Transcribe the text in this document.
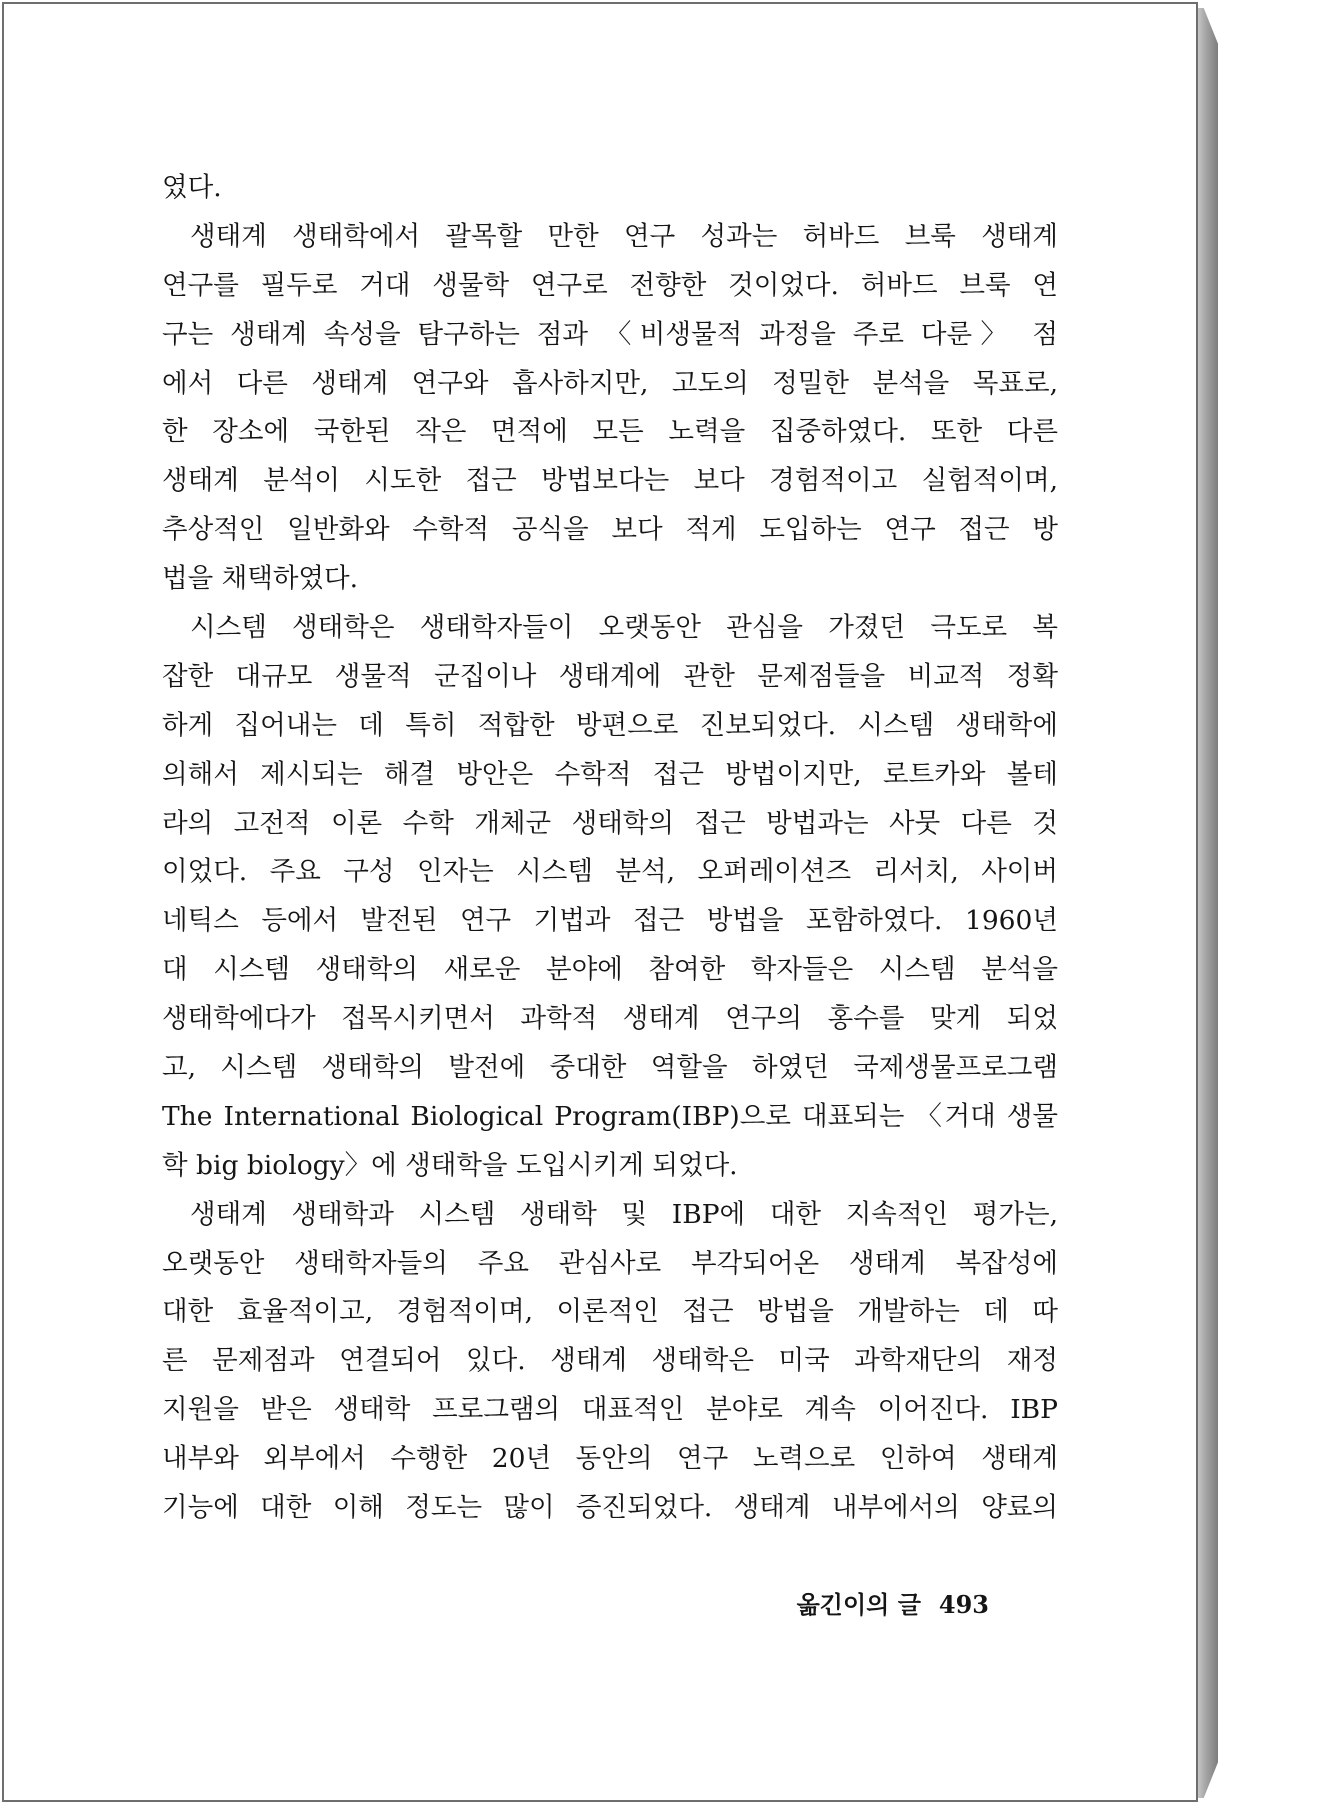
였다.
생태계 생태학에서 괄목할 만한 연구 성과는 허바드 브룩 생태계
연구를 필두로 거대 생물학 연구로 전향한 것이었다. 허바드 브룩 연
구는 생태계 속성을 탐구하는 점과 〈비생물적 과정을 주로 다룬〉 점
에서 다른 생태계 연구와 흡사하지만, 고도의 정밀한 분석을 목표로,
한 장소에 국한된 작은 면적에 모든 노력을 집중하였다. 또한 다른
생태계 분석이 시도한 접근 방법보다는 보다 경험적이고 실험적이며,
추상적인 일반화와 수학적 공식을 보다 적게 도입하는 연구 접근 방
법을 채택하였다.
시스템 생태학은 생태학자들이 오랫동안 관심을 가졌던 극도로 복
잡한 대규모 생물적 군집이나 생태계에 관한 문제점들을 비교적 정확
하게 집어내는 데 특히 적합한 방편으로 진보되었다. 시스템 생태학에
의해서 제시되는 해결 방안은 수학적 접근 방법이지만, 로트카와 볼테
라의 고전적 이론 수학 개체군 생태학의 접근 방법과는 사뭇 다른 것
이었다. 주요 구성 인자는 시스템 분석, 오퍼레이션즈 리서치, 사이버
네틱스 등에서 발전된 연구 기법과 접근 방법을 포함하였다. 1960년
대 시스템 생태학의 새로운 분야에 참여한 학자들은 시스템 분석을
생태학에다가 접목시키면서 과학적 생태계 연구의 홍수를 맞게 되었
고, 시스템 생태학의 발전에 중대한 역할을 하였던 국제생물프로그램
The International Biological Program(IBP)으로 대표되는 〈거대 생물
학 big biology〉에 생태학을 도입시키게 되었다.
생태계 생태학과 시스템 생태학 및 IBP에 대한 지속적인 평가는,
오랫동안 생태학자들의 주요 관심사로 부각되어온 생태계 복잡성에
대한 효율적이고, 경험적이며, 이론적인 접근 방법을 개발하는 데 따
른 문제점과 연결되어 있다. 생태계 생태학은 미국 과학재단의 재정
지원을 받은 생태학 프로그램의 대표적인 분야로 계속 이어진다. IBP
내부와 외부에서 수행한 20년 동안의 연구 노력으로 인하여 생태계
기능에 대한 이해 정도는 많이 증진되었다. 생태계 내부에서의 양료의
옮긴이의 글 493
